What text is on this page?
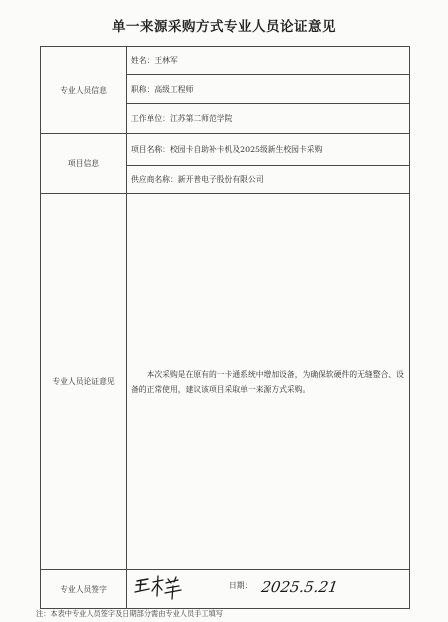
单一来源采购方式专业人员论证意见
专业人员信息	姓名：王林军
	职称：高级工程师
	工作单位：江苏第二师范学院
项目信息	项目名称：校园卡自助补卡机及2025级新生校园卡采购
	供应商名称：新开普电子股份有限公司
专业人员论证意见	本次采购是在原有的一卡通系统中增加设备，为确保软硬件的无缝整合、设备的正常使用，建议该项目采取单一来源方式采购。

专业人员签字	日期： 2025.5.21
注：本表中专业人员签字及日期部分需由专业人员手工填写
